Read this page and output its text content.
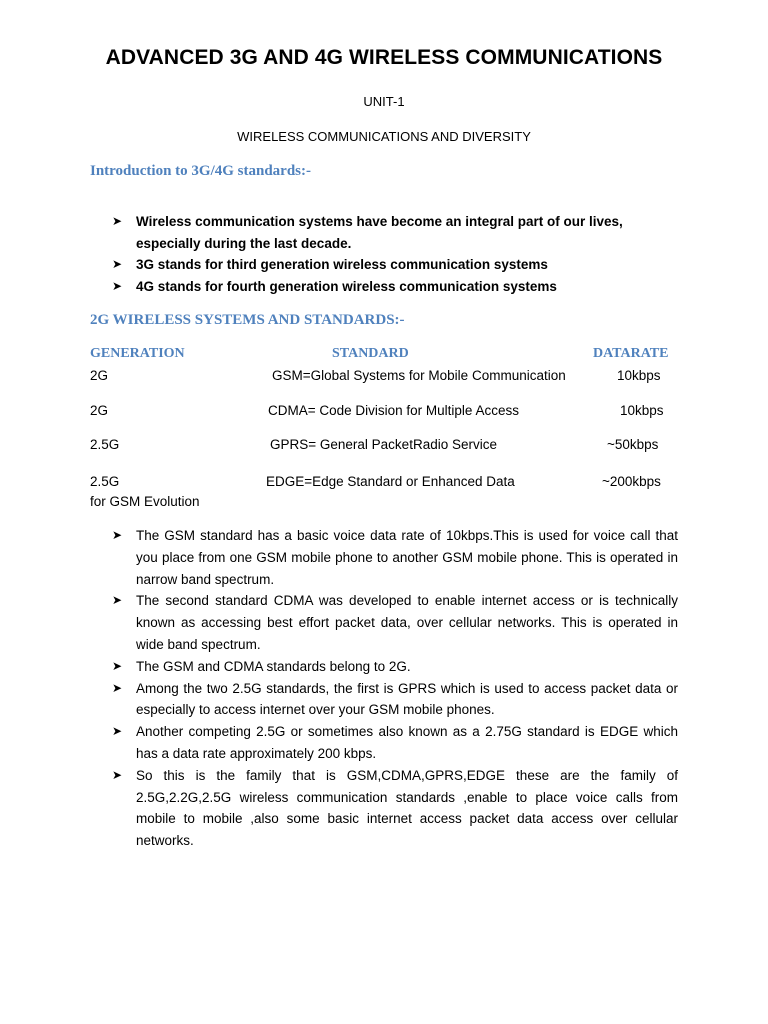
ADVANCED 3G AND 4G WIRELESS COMMUNICATIONS
UNIT-1
WIRELESS COMMUNICATIONS AND DIVERSITY
Introduction to 3G/4G standards:-
➤ Wireless communication systems have become an integral part of our lives, especially during the last decade.
➤ 3G stands for third generation wireless communication systems
➤ 4G stands for fourth generation wireless communication systems
2G WIRELESS SYSTEMS AND STANDARDS:-
GENERATION	STANDARD	DATARATE
2G	GSM=Global Systems for Mobile Communication	10kbps
2G	CDMA= Code Division for Multiple Access	10kbps
2.5G	GPRS= General PacketRadio Service	~50kbps
2.5G	EDGE=Edge Standard or Enhanced Data	~200kbps
for GSM Evolution
➤ The GSM standard has a basic voice data rate of 10kbps.This is used for voice call that you place from one GSM mobile phone to another GSM mobile phone. This is operated in narrow band spectrum.
➤ The second standard CDMA was developed to enable internet access or is technically known as accessing best effort packet data, over cellular networks. This is operated in wide band spectrum.
➤ The GSM and CDMA standards belong to 2G.
➤ Among the two 2.5G standards, the first is GPRS which is used to access packet data or especially to access internet over your GSM mobile phones.
➤ Another competing 2.5G or sometimes also known as a 2.75G standard is EDGE which has a data rate approximately 200 kbps.
➤ So this is the family that is GSM,CDMA,GPRS,EDGE these are the family of 2.5G,2.2G,2.5G wireless communication standards ,enable to place voice calls from mobile to mobile ,also some basic internet access packet data access over cellular networks.
